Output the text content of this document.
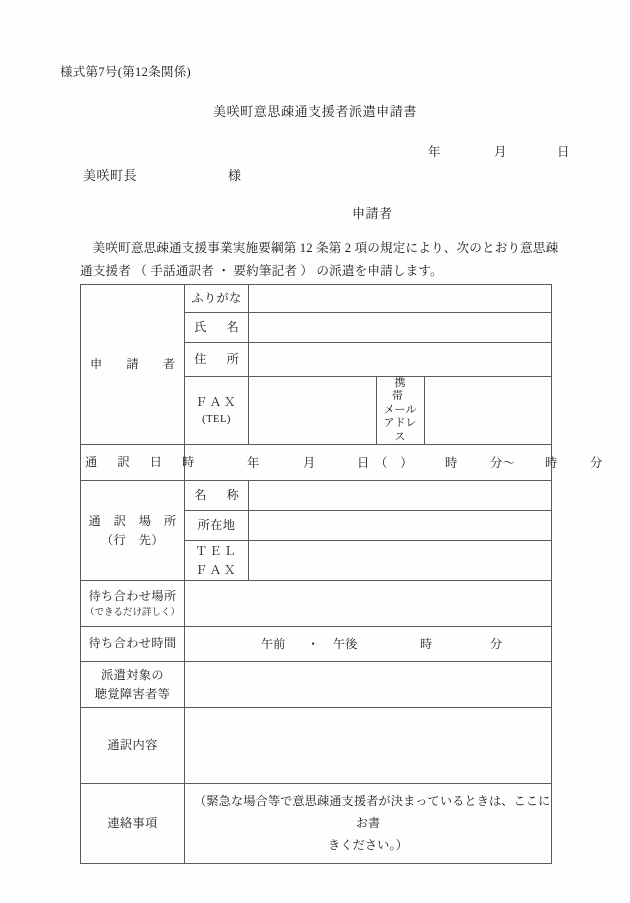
様式第7号(第12条関係)
美咲町意思疎通支援者派遣申請書
年	月	日
美咲町長	様
申請者
美咲町意思疎通支援事業実施要綱第 12 条第 2 項の規定により、次のとおり意思疎
通支援者 （ 手話通訳者 ・ 要約筆記者 ） の派遣を申請します。
申　請　者	ふりがな			
	氏　名			
	住　所			
	ＦＡＸ
(TEL)		携　帯
メール
アドレ
ス	

通　訳　日　時	年	月	日 （　）	時	分〜 時	分

通　訳　場　所
（行　先）	名　称			
	所在地			

	ＴＥＬ
ＦＡＸ			

待ち合わせ場所
（できるだけ詳しく）				

待ち合わせ時間	午前 ・ 午後 時 分			

派遣対象の
聴覚障害者等				

通訳内容				
連絡事項	（緊急な場合等で意思疎通支援者が決まっているときは、ここにお書
きください。）			
